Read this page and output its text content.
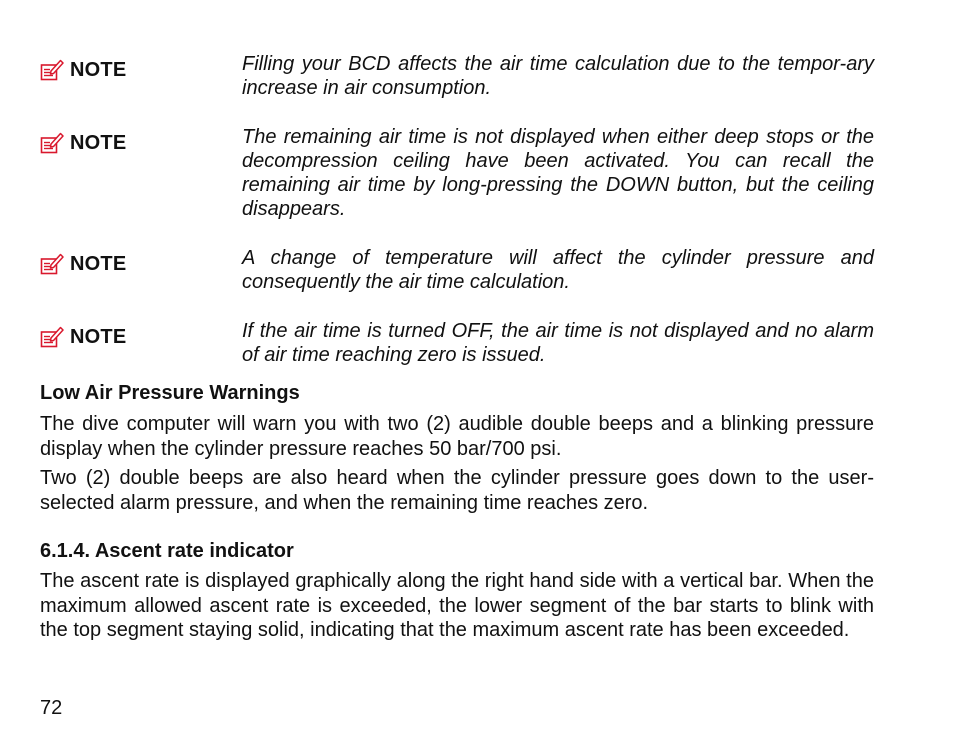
NOTE	Filling your BCD affects the air time calculation due to the tempor-ary increase in air consumption.
NOTE	The remaining air time is not displayed when either deep stops or the decompression ceiling have been activated. You can recall the remaining air time by long-pressing the DOWN button, but the ceiling disappears.
NOTE	A change of temperature will affect the cylinder pressure and consequently the air time calculation.
NOTE	If the air time is turned OFF, the air time is not displayed and no alarm of air time reaching zero is issued.
Low Air Pressure Warnings
The dive computer will warn you with two (2) audible double beeps and a blinking pressure display when the cylinder pressure reaches 50 bar/700 psi.
Two (2) double beeps are also heard when the cylinder pressure goes down to the user-selected alarm pressure, and when the remaining time reaches zero.
6.1.4. Ascent rate indicator
The ascent rate is displayed graphically along the right hand side with a vertical bar. When the maximum allowed ascent rate is exceeded, the lower segment of the bar starts to blink with the top segment staying solid, indicating that the maximum ascent rate has been exceeded.
72
